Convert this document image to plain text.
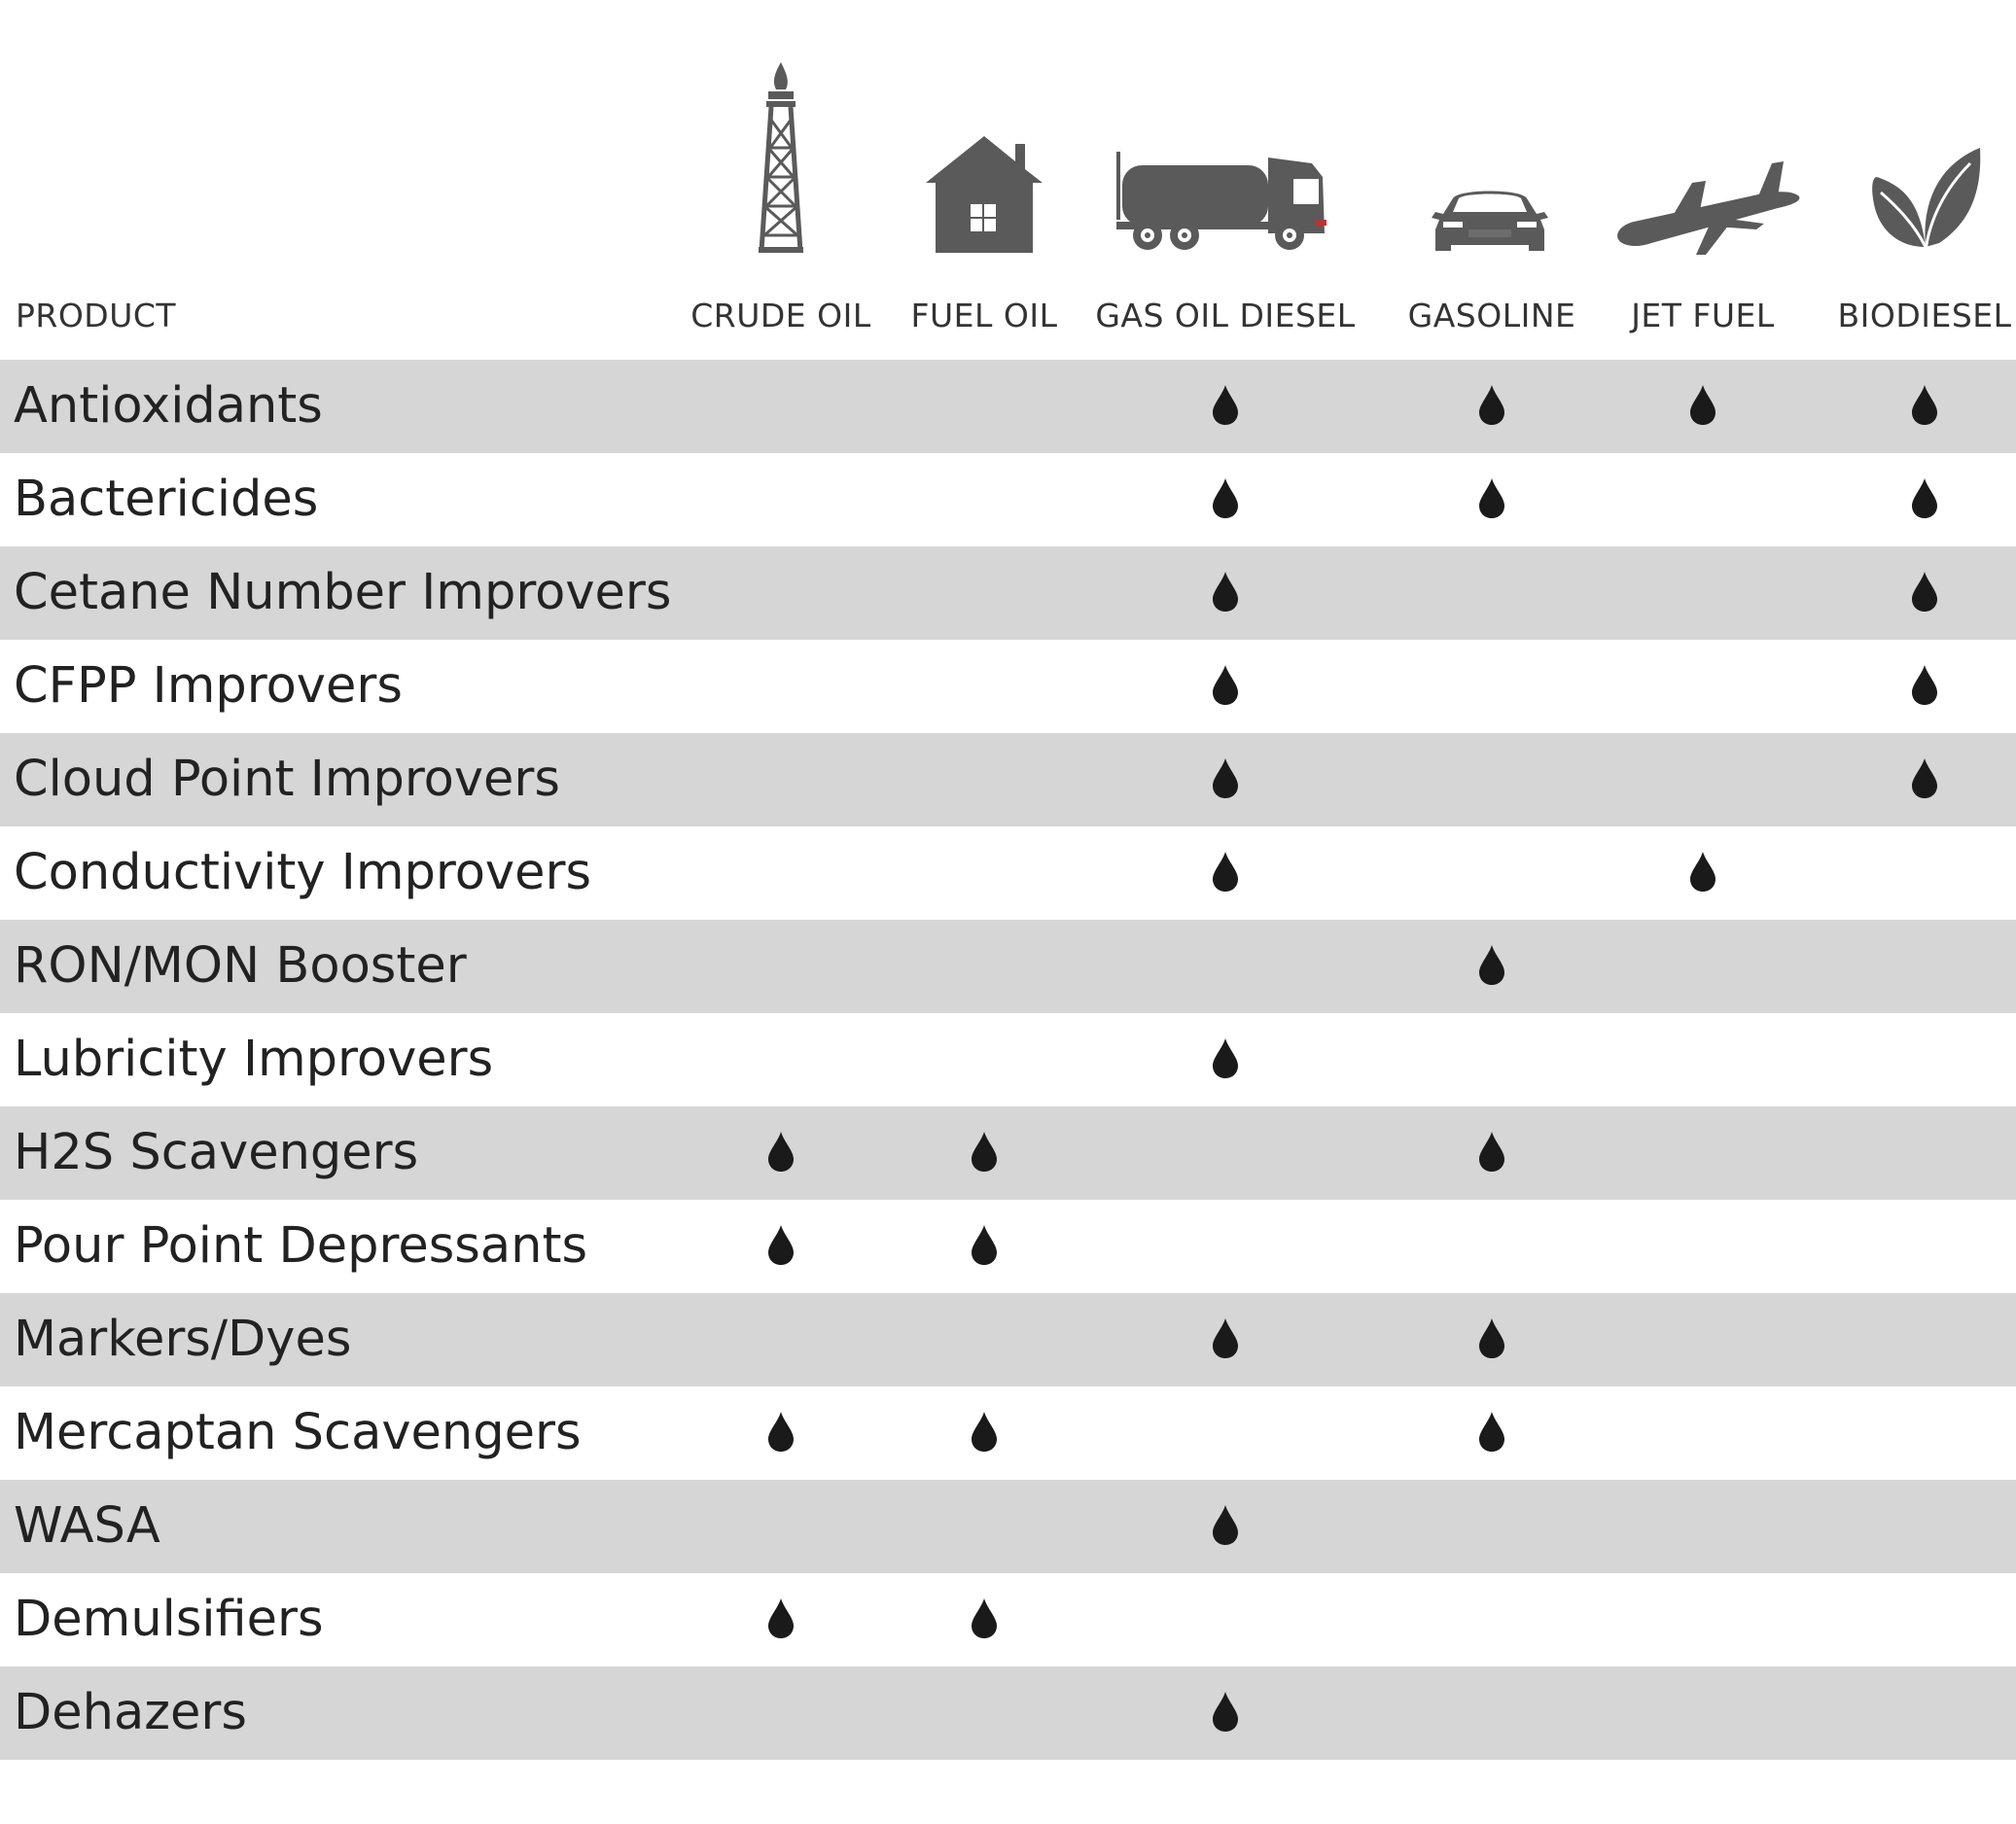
PRODUCT	CRUDE OIL FUEL OIL GAS OIL DIESEL GASOLINE JET FUEL BIODIESEL
Antioxidants
Bactericides
Cetane Number Improvers
CFPP Improvers
Cloud Point Improvers
Conductivity Improvers
RON/MON Booster
Lubricity Improvers
H2S Scavengers
Pour Point Depressants
Markers/Dyes
Mercaptan Scavengers
WASA
Demulsifiers
Dehazers
